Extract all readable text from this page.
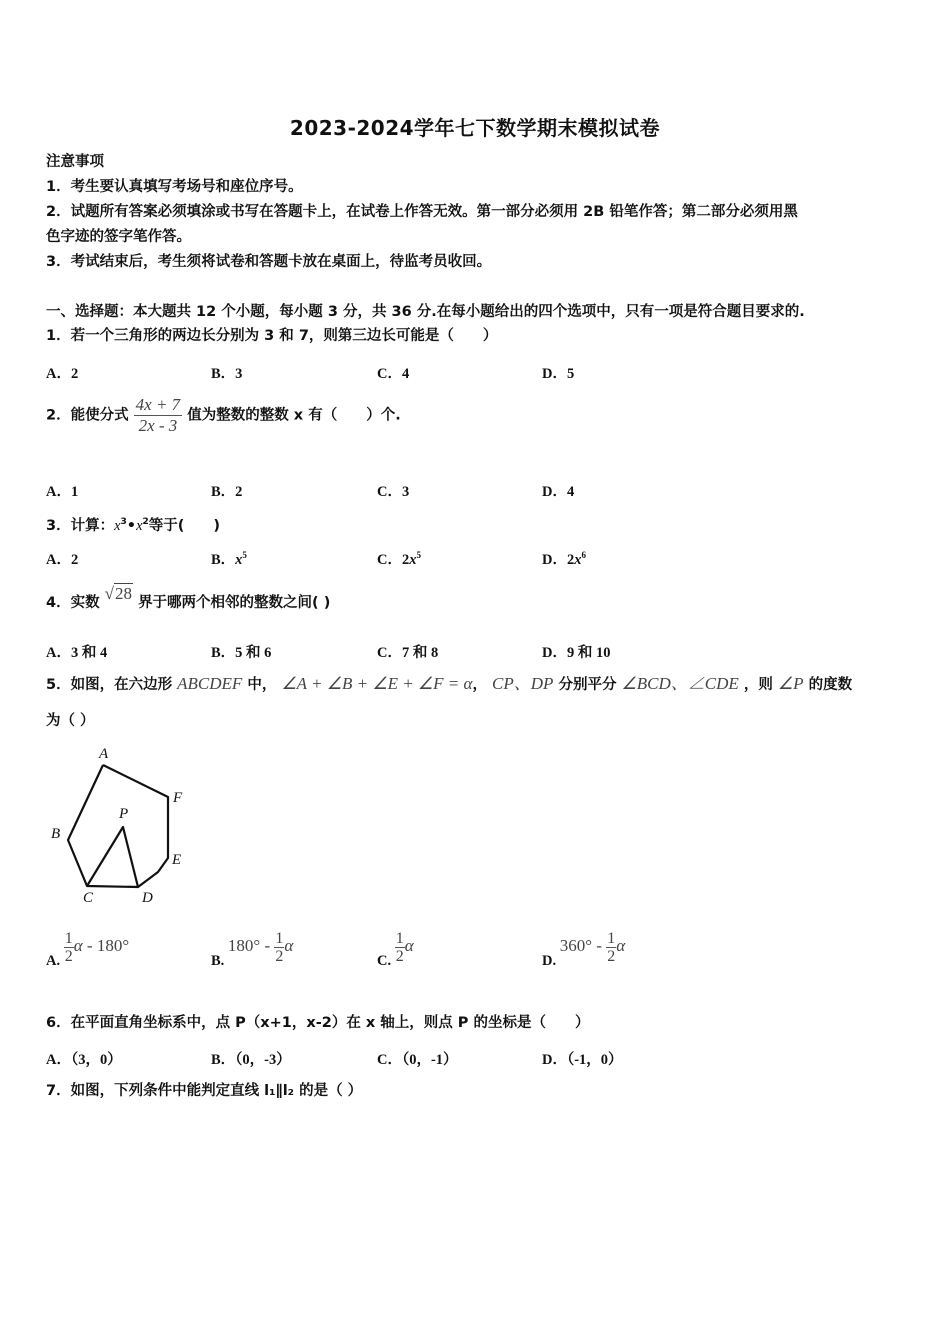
2023-2024学年七下数学期末模拟试卷
注意事项
1．考生要认真填写考场号和座位序号。
2．试题所有答案必须填涂或书写在答题卡上，在试卷上作答无效。第一部分必须用 2B 铅笔作答；第二部分必须用黑
色字迹的签字笔作答。
3．考试结束后，考生须将试卷和答题卡放在桌面上，待监考员收回。
一、选择题：本大题共 12 个小题，每小题 3 分，共 36 分.在每小题给出的四个选项中，只有一项是符合题目要求的.
1．若一个三角形的两边长分别为 3 和 7，则第三边长可能是（　　）
A．2	B．3	C．4	D．5
2．能使分式 $\frac{4x + 7}{2x - 3}$ 值为整数的整数 x 有（　　）个.
A．1	B．2	C．3	D．4
3．计算：$x^3•x^2$等于(　　)
A．2	B．$x^5$	C．$2x^5$	D．$2x^6$
4．实数 √28 界于哪两个相邻的整数之间( )
A．3 和 4	B．5 和 6	C．7 和 8	D．9 和 10
5．如图，在六边形 ABCDEF 中， ∠A + ∠B + ∠E + ∠F = α， CP、DP 分别平分 ∠BCD、∠CDE ，则 ∠P 的度数
为（ ）
A
F
P
B
E
C	D
A. $\frac{1}{2}$ α - 180°
B. $180^\circ - \frac{1}{2}$ α
C. $\frac{1}{2}$ α
D. $360^\circ - \frac{1}{2}$ α
6．在平面直角坐标系中，点 P（x+1，x-2）在 x 轴上，则点 P 的坐标是（　　）
A．（3，0）	B．（0，-3）	C．（0，-1）	D．（-1，0）
7．如图，下列条件中能判定直线 l₁∥l₂ 的是（ ）
